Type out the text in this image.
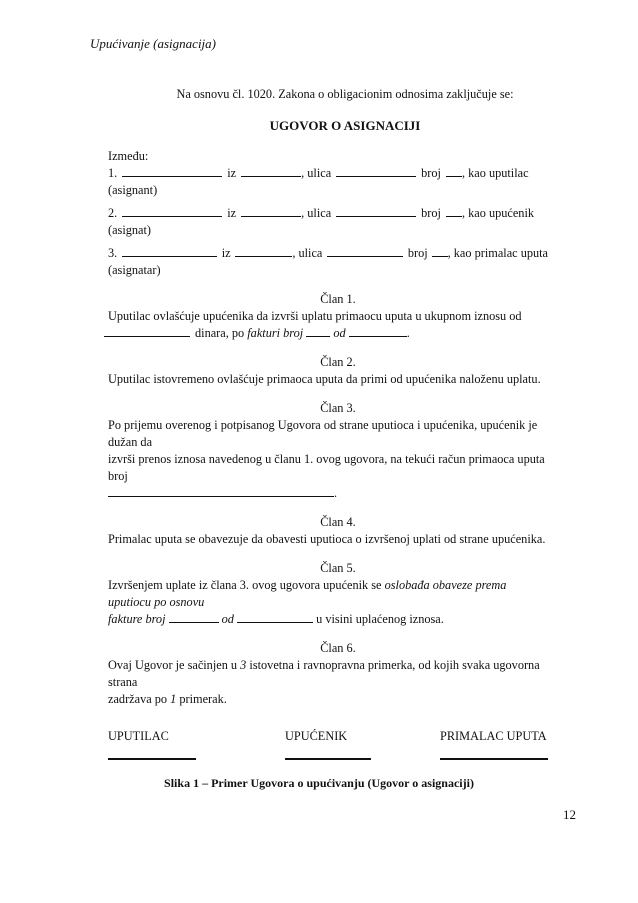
Upućivanje (asignacija)
Na osnovu čl. 1020. Zakona o obligacionim odnosima zaključuje se:
UGOVOR O ASIGNACIJI

Između:

1.	iz	, ulica	broj , kao uputilac

(asignant)

2.	iz	, ulica	broj , kao upućenik

(asignat)

3.	iz	, ulica	broj , kao primalac uputa

(asignatar)

Član 1.

Uputilac ovlašćuje upućenika da izvrši uplatu primaocu uputa u ukupnom iznosu od

dinara, po
fakturi broj

od
	.
Član 2.

Uputilac istovremeno ovlašćuje primaoca uputa da primi od upućenika naloženu uplatu.

Član 3.

Po prijemu overenog i potpisanog Ugovora od strane uputioca i upućenika, upućenik je dužan da

izvrši prenos iznosa navedenog u članu 1. ovog ugovora, na tekući račun primaoca uputa broj

.
Član 4.

Primalac uputa se obavezuje da obavesti uputioca o izvršenoj uplati od strane upućenika.

Član 5.

Izvršenjem uplate iz člana 3. ovog ugovora upućenik se oslobađa obaveze prema uputiocu po osnovu

fakture broj

	od

	u visini uplaćenog iznosa.
Član 6.

Ovaj Ugovor je sačinjen u 3 istovetna i ravnopravna primerka, od kojih svaka ugovorna strana

zadržava po 1 primerak.

UPUTILAC	UPUĆENIK	PRIMALAC UPUTA
Slika 1 – Primer Ugovora o upućivanju (Ugovor o asignaciji)
12
